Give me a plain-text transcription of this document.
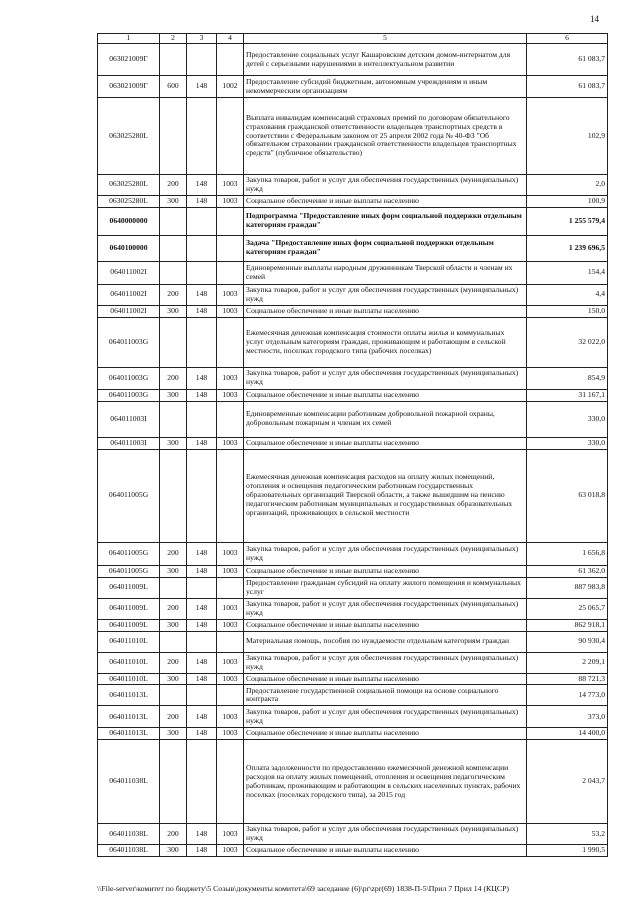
14
1	2	3	4	5	6
063021009Г				Предоставление социальных услуг Кашаровским детским домом-интернатом для детей с серьезными нарушениями в интеллектуальном развитии	61 083,7
063021009Г	600	148	1002	Предоставление субсидий бюджетным, автономным учреждениям и иным некоммерческим организациям	61 083,7
063025280L				Выплата инвалидам компенсаций страховых премий по договорам обязательного страхования гражданской ответственности владельцев транспортных средств в соответствии с Федеральным законом от 25 апреля 2002 года № 40-ФЗ "Об обязательном страховании гражданской ответственности владельцев транспортных средств" (публичное обязательство)	102,9
063025280L	200	148	1003	Закупка товаров, работ и услуг для обеспечения государственных (муниципальных) нужд	2,0
063025280L	300	148	1003	Социальное обеспечение и иные выплаты населению	100,9
0640000000				Подпрограмма "Предоставление иных форм социальной поддержки отдельным категориям граждан"	1 255 579,4
0640100000				Задача "Предоставление иных форм социальной поддержки отдельным категориям граждан"	1 239 696,5
064011002I				Единовременные выплаты народным дружинникам Тверской области и членам их семей	154,4
064011002I	200	148	1003	Закупка товаров, работ и услуг для обеспечения государственных (муниципальных) нужд	4,4
064011002I	300	148	1003	Социальное обеспечение и иные выплаты населению	150,0
064011003G				Ежемесячная денежная компенсация стоимости оплаты жилья и коммунальных услуг отдельным категориям граждан, проживающим и работающим в сельской местности, поселках городского типа (рабочих поселках)	32 022,0
064011003G	200	148	1003	Закупка товаров, работ и услуг для обеспечения государственных (муниципальных) нужд	854,9
064011003G	300	148	1003	Социальное обеспечение и иные выплаты населению	31 167,1
064011003I				Единовременные компенсации работникам добровольной пожарной охраны, добровольным пожарным и членам их семей	330,0
064011003I	300	148	1003	Социальное обеспечение и иные выплаты населению	330,0
064011005G				Ежемесячная денежная компенсация расходов на оплату жилых помещений, отопления и освещения педагогическим работникам государственных образовательных организаций Тверской области, а также вышедшим на пенсию педагогическим работникам муниципальных и государственных образовательных организаций, проживающих в сельской местности	63 018,8
064011005G	200	148	1003	Закупка товаров, работ и услуг для обеспечения государственных (муниципальных) нужд	1 656,8
064011005G	300	148	1003	Социальное обеспечение и иные выплаты населению	61 362,0
064011009L				Предоставление гражданам субсидий на оплату жилого помещения и коммунальных услуг	887 983,8
064011009L	200	148	1003	Закупка товаров, работ и услуг для обеспечения государственных (муниципальных) нужд	25 065,7
064011009L	300	148	1003	Социальное обеспечение и иные выплаты населению	862 918,1
064011010L				Материальная помощь, пособия по нуждаемости отдельным категориям граждан	90 930,4
064011010L	200	148	1003	Закупка товаров, работ и услуг для обеспечения государственных (муниципальных) нужд	2 209,1
064011010L	300	148	1003	Социальное обеспечение и иные выплаты населению	88 721,3
064011013L				Предоставление государственной социальной помощи на основе социального контракта	14 773,0
064011013L	200	148	1003	Закупка товаров, работ и услуг для обеспечения государственных (муниципальных) нужд	373,0
064011013L	300	148	1003	Социальное обеспечение и иные выплаты населению	14 400,0
064011038L				Оплата задолженности по предоставлению ежемесячной денежной компенсации расходов на оплату жилых помещений, отопления и освещения педагогическим работникам, проживающим и работающим в сельских населенных пунктах, рабочих поселках (поселках городского типа), за 2015 год	2 043,7
064011038L	200	148	1003	Закупка товаров, работ и услуг для обеспечения государственных (муниципальных) нужд	53,2
064011038L	300	148	1003	Социальное обеспечение и иные выплаты населению	1 990,5
\\File-server\комитет по бюджету\5 Созыв\документы комитета\69 заседание (6)\pr\zpr(69) 1838-П-5\Прил 7 Прил 14 (КЦСР)
